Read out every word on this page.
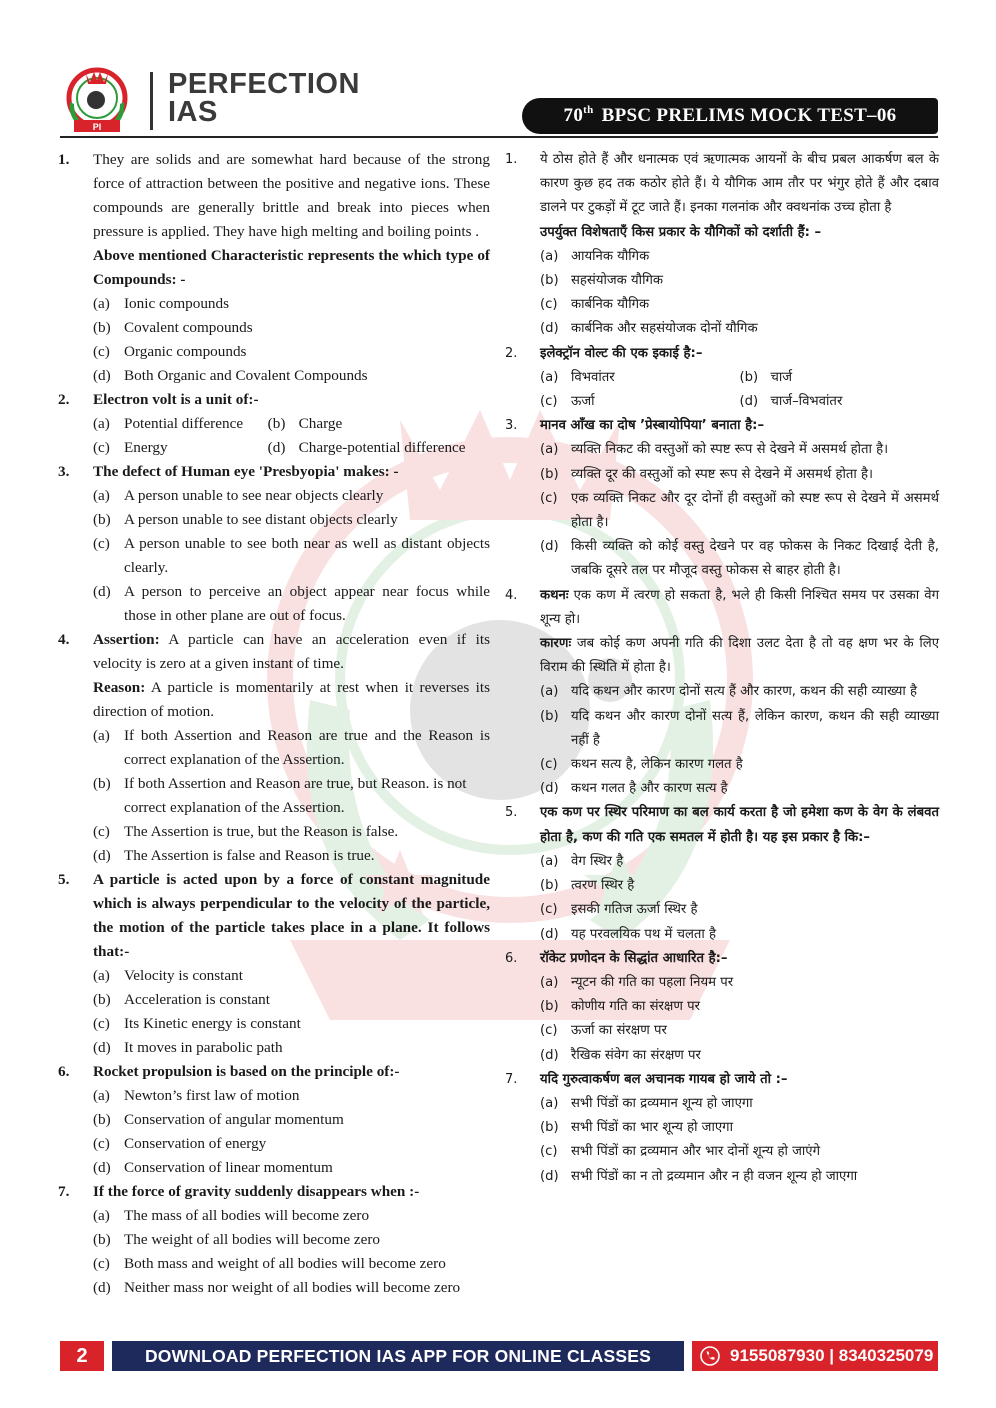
PI
PERFECTION
IAS	70th
BPSC PRELIMS MOCK TEST–06
1. They are solids and are somewhat hard because of the strong force of attraction between the positive and negative ions. These compounds are generally brittle and break into pieces when pressure is applied. They have high melting and boiling points .
Above mentioned Characteristic represents the which type of Compounds: -
(a) Ionic compounds
(b) Covalent compounds
(c) Organic compounds
(d) Both Organic and Covalent Compounds
2. Electron volt is a unit of:-
(a) Potential difference	(b) Charge
(c) Energy	(d) Charge-potential difference
3. The defect of Human eye 'Presbyopia' makes: -
(a) A person unable to see near objects clearly
(b) A person unable to see distant objects clearly
(c) A person unable to see both near as well as distant objects clearly.
(d) A person to perceive an object appear near focus while those in other plane are out of focus.
4. Assertion: A particle can have an acceleration even if its velocity is zero at a given instant of time.
Reason: A particle is momentarily at rest when it reverses its direction of motion.
(a) If both Assertion and Reason are true and the Reason is correct explanation of the Assertion.
(b) If both Assertion and Reason are true, but Reason. is not correct explanation of the Assertion.
(c) The Assertion is true, but the Reason is false.
(d) The Assertion is false and Reason is true.
5. A particle is acted upon by a force of constant magnitude which is always perpendicular to the velocity of the particle, the motion of the particle takes place in a plane. It follows that:-
(a) Velocity is constant
(b) Acceleration is constant
(c) Its Kinetic energy is constant
(d) It moves in parabolic path
6. Rocket propulsion is based on the principle of:-
(a) Newton’s first law of motion
(b) Conservation of angular momentum
(c) Conservation of energy
(d) Conservation of linear momentum
7. If the force of gravity suddenly disappears when :-
(a) The mass of all bodies will become zero
(b) The weight of all bodies will become zero
(c) Both mass and weight of all bodies will become zero
(d) Neither mass nor weight of all bodies will become zero
1. ये ठोस होते हैं और धनात्मक एवं ऋणात्मक आयनों के बीच प्रबल आकर्षण बल के कारण कुछ हद तक कठोर होते हैं। ये यौगिक आम तौर पर भंगुर होते हैं और दबाव डालने पर टुकड़ों में टूट जाते हैं। इनका गलनांक और क्वथनांक उच्च होता है
उपर्युक्त विशेषताएँ किस प्रकार के यौगिकों को दर्शाती हैं: –
(a) आयनिक यौगिक
(b) सहसंयोजक यौगिक
(c) कार्बनिक यौगिक
(d) कार्बनिक और सहसंयोजक दोनों यौगिक
2. इलेक्ट्रॉन वोल्ट की एक इकाई है:–
(a) विभवांतर	(b) चार्ज
(c) ऊर्जा	(d) चार्ज–विभवांतर
3. मानव आँख का दोष ’प्रेस्बायोपिया’ बनाता है:–
(a) व्यक्ति निकट की वस्तुओं को स्पष्ट रूप से देखने में असमर्थ होता है।
(b) व्यक्ति दूर की वस्तुओं को स्पष्ट रूप से देखने में असमर्थ होता है।
(c) एक व्यक्ति निकट और दूर दोनों ही वस्तुओं को स्पष्ट रूप से देखने में असमर्थ होता है।
(d) किसी व्यक्ति को कोई वस्तु देखने पर वह फोकस के निकट दिखाई देती है, जबकि दूसरे तल पर मौजूद वस्तु फोकस से बाहर होती है।
4. कथनः एक कण में त्वरण हो सकता है, भले ही किसी निश्चित समय पर उसका वेग शून्य हो।
कारणः जब कोई कण अपनी गति की दिशा उलट देता है तो वह क्षण भर के लिए विराम की स्थिति में होता है।
(a) यदि कथन और कारण दोनों सत्य हैं और कारण, कथन की सही व्याख्या है
(b) यदि कथन और कारण दोनों सत्य हैं, लेकिन कारण, कथन की सही व्याख्या नहीं है
(c) कथन सत्य है, लेकिन कारण गलत है
(d) कथन गलत है और कारण सत्य है
5. एक कण पर स्थिर परिमाण का बल कार्य करता है जो हमेशा कण के वेग के लंबवत होता है, कण की गति एक समतल में होती है। यह इस प्रकार है कि:–
(a) वेग स्थिर है
(b) त्वरण स्थिर है
(c) इसकी गतिज ऊर्जा स्थिर है
(d) यह परवलयिक पथ में चलता है
6. रॉकेट प्रणोदन के सिद्धांत आधारित है:–
(a) न्यूटन की गति का पहला नियम पर
(b) कोणीय गति का संरक्षण पर
(c) ऊर्जा का संरक्षण पर
(d) रैखिक संवेग का संरक्षण पर
7. यदि गुरुत्वाकर्षण बल अचानक गायब हो जाये तो :–
(a) सभी पिंडों का द्रव्यमान शून्य हो जाएगा
(b) सभी पिंडों का भार शून्य हो जाएगा
(c) सभी पिंडों का द्रव्यमान और भार दोनों शून्य हो जाएंगे
(d) सभी पिंडों का न तो द्रव्यमान और न ही वजन शून्य हो जाएगा
2	DOWNLOAD PERFECTION IAS APP FOR ONLINE CLASSES	9155087930 | 8340325079
